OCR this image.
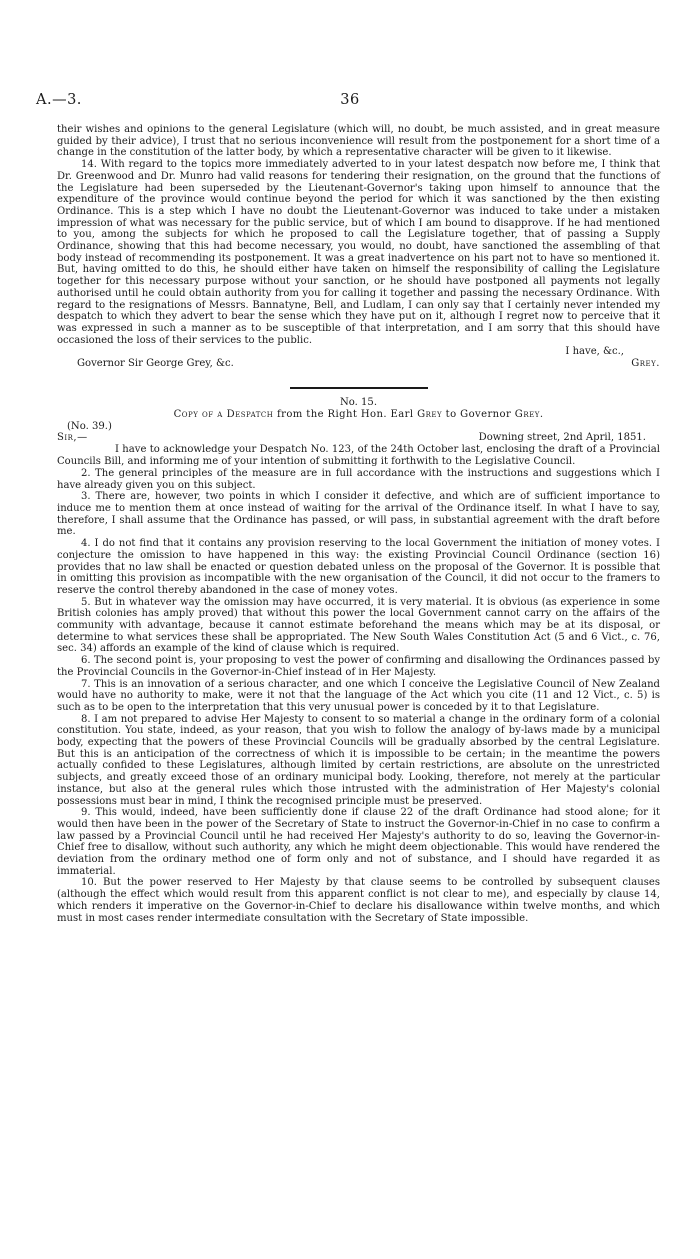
A.—3.	36

their wishes and opinions to the general Legislature (which will, no doubt, be much assisted, and in great measure guided by their advice), I trust that no serious inconvenience will result from the postponement for a short time of a change in the constitution of the latter body, by which a representative character will be given to it likewise.

14. With regard to the topics more immediately adverted to in your latest despatch now before me, I think that Dr. Greenwood and Dr. Munro had valid reasons for tendering their resignation, on the ground that the functions of the Legislature had been superseded by the Lieutenant-Governor's taking upon himself to announce that the expenditure of the province would continue beyond the period for which it was sanctioned by the then existing Ordinance. This is a step which I have no doubt the Lieutenant-Governor was induced to take under a mistaken impression of what was necessary for the public service, but of which I am bound to disapprove. If he had mentioned to you, among the subjects for which he proposed to call the Legislature together, that of passing a Supply Ordinance, showing that this had become necessary, you would, no doubt, have sanctioned the assembling of that body instead of recommending its postponement. It was a great inadvertence on his part not to have so mentioned it. But, having omitted to do this, he should either have taken on himself the responsibility of calling the Legislature together for this necessary purpose without your sanction, or he should have postponed all payments not legally authorised until he could obtain authority from you for calling it together and passing the necessary Ordinance. With regard to the resignations of Messrs. Bannatyne, Bell, and Ludlam, I can only say that I certainly never intended my despatch to which they advert to bear the sense which they have put on it, although I regret now to perceive that it was expressed in such a manner as to be susceptible of that interpretation, and I am sorry that this should have occasioned the loss of their services to the public.

I have, &c.,
Governor Sir George Grey, &c.	Grey.

No. 15.

Copy of a Despatch from the Right Hon. Earl Grey to Governor Grey.

(No. 39.)

Sir,—	Downing street, 2nd April, 1851.

I have to acknowledge your Despatch No. 123, of the 24th October last, enclosing the draft of a Provincial Councils Bill, and informing me of your intention of submitting it forthwith to the Legislative Council.

2. The general principles of the measure are in full accordance with the instructions and suggestions which I have already given you on this subject.

3. There are, however, two points in which I consider it defective, and which are of sufficient importance to induce me to mention them at once instead of waiting for the arrival of the Ordinance itself. In what I have to say, therefore, I shall assume that the Ordinance has passed, or will pass, in substantial agreement with the draft before me.

4. I do not find that it contains any provision reserving to the local Government the initiation of money votes. I conjecture the omission to have happened in this way: the existing Provincial Council Ordinance (section 16) provides that no law shall be enacted or question debated unless on the proposal of the Governor. It is possible that in omitting this provision as incompatible with the new organisation of the Council, it did not occur to the framers to reserve the control thereby abandoned in the case of money votes.

5. But in whatever way the omission may have occurred, it is very material. It is obvious (as experience in some British colonies has amply proved) that without this power the local Government cannot carry on the affairs of the community with advantage, because it cannot estimate beforehand the means which may be at its disposal, or determine to what services these shall be appropriated. The New South Wales Constitution Act (5 and 6 Vict., c. 76, sec. 34) affords an example of the kind of clause which is required.

6. The second point is, your proposing to vest the power of confirming and disallowing the Ordinances passed by the Provincial Councils in the Governor-in-Chief instead of in Her Majesty.

7. This is an innovation of a serious character, and one which I conceive the Legislative Council of New Zealand would have no authority to make, were it not that the language of the Act which you cite (11 and 12 Vict., c. 5) is such as to be open to the interpretation that this very unusual power is conceded by it to that Legislature.

8. I am not prepared to advise Her Majesty to consent to so material a change in the ordinary form of a colonial constitution. You state, indeed, as your reason, that you wish to follow the analogy of by-laws made by a municipal body, expecting that the powers of these Provincial Councils will be gradually absorbed by the central Legislature. But this is an anticipation of the correctness of which it is impossible to be certain; in the meantime the powers actually confided to these Legislatures, although limited by certain restrictions, are absolute on the unrestricted subjects, and greatly exceed those of an ordinary municipal body. Looking, therefore, not merely at the particular instance, but also at the general rules which those intrusted with the administration of Her Majesty's colonial possessions must bear in mind, I think the recognised principle must be preserved.

9. This would, indeed, have been sufficiently done if clause 22 of the draft Ordinance had stood alone; for it would then have been in the power of the Secretary of State to instruct the Governor-in-Chief in no case to confirm a law passed by a Provincial Council until he had received Her Majesty's authority to do so, leaving the Governor-in-Chief free to disallow, without such authority, any which he might deem objectionable. This would have rendered the deviation from the ordinary method one of form only and not of substance, and I should have regarded it as immaterial.

10. But the power reserved to Her Majesty by that clause seems to be controlled by subsequent clauses (although the effect which would result from this apparent conflict is not clear to me), and especially by clause 14, which renders it imperative on the Governor-in-Chief to declare his disallowance within twelve months, and which must in most cases render intermediate consultation with the Secretary of State impossible.
